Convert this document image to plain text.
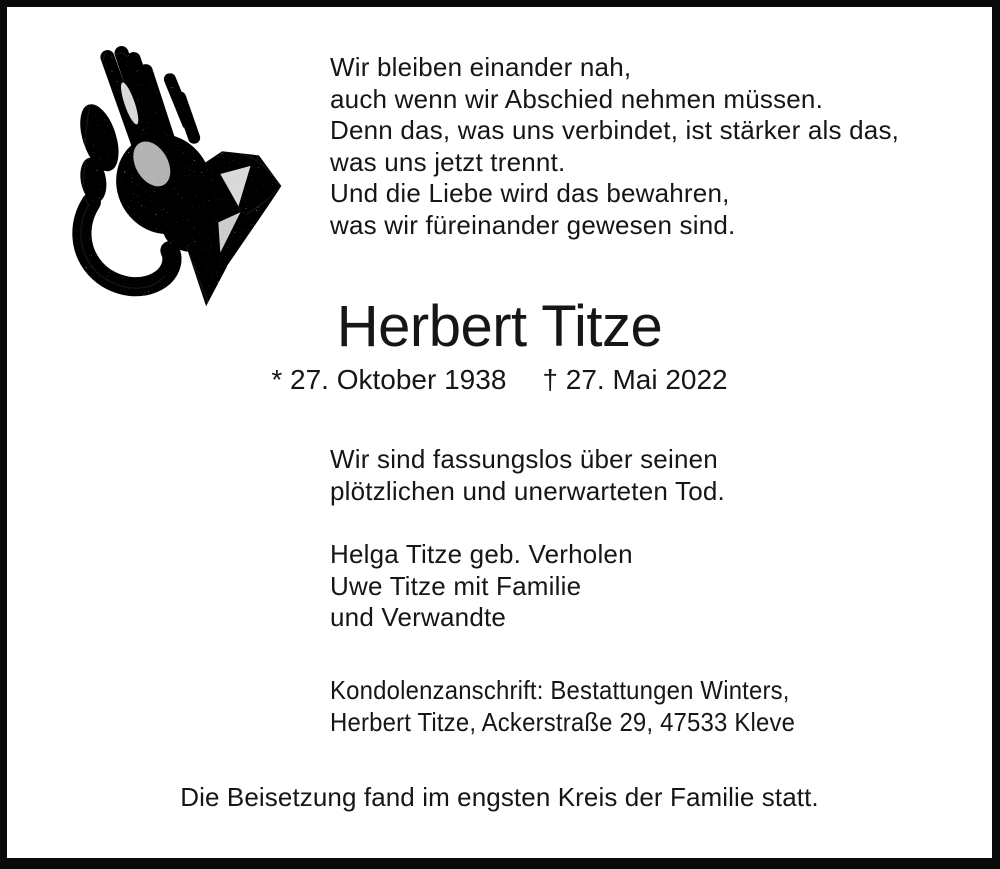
Wir bleiben einander nah,
auch wenn wir Abschied nehmen müssen.
Denn das, was uns verbindet, ist stärker als das,
was uns jetzt trennt.
Und die Liebe wird das bewahren,
was wir füreinander gewesen sind.
Herbert Titze
* 27. Oktober 1938 † 27. Mai 2022
Wir sind fassungslos über seinen
plötzlichen und unerwarteten Tod.
Helga Titze geb. Verholen
Uwe Titze mit Familie
und Verwandte
Kondolenzanschrift: Bestattungen Winters,
Herbert Titze, Ackerstraße 29, 47533 Kleve
Die Beisetzung fand im engsten Kreis der Familie statt.
